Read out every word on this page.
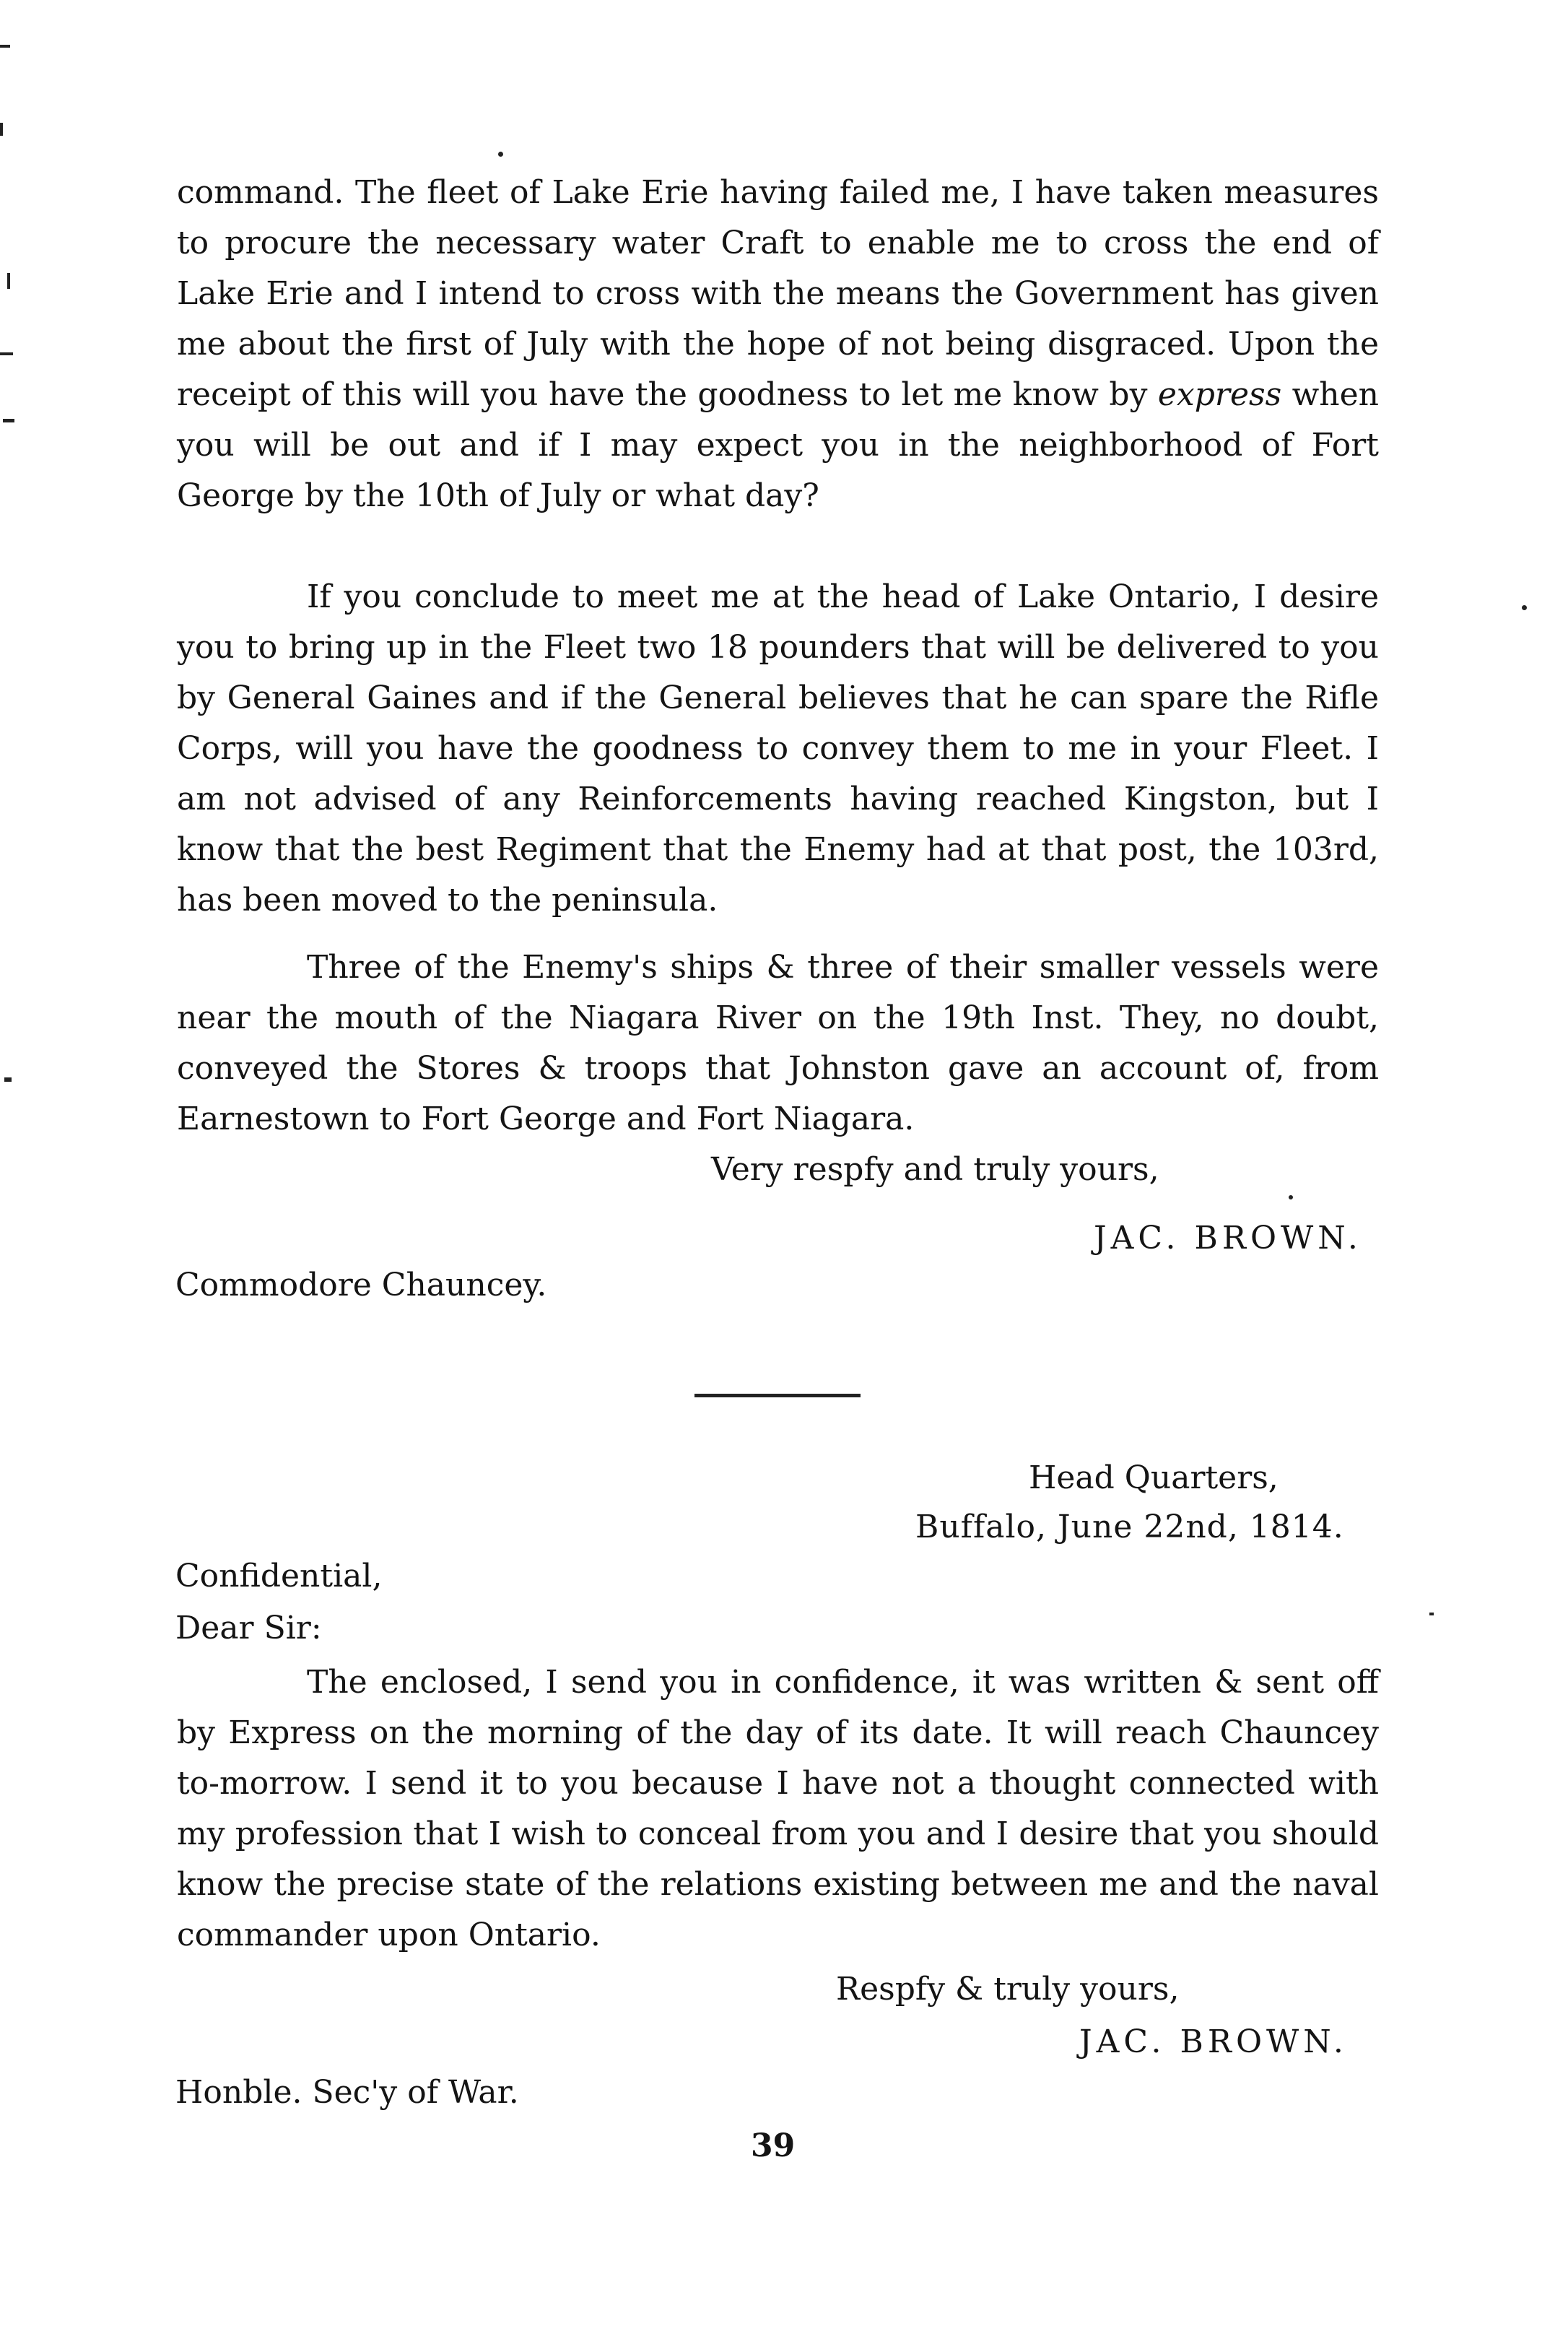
command. The fleet of Lake Erie having failed me, I have taken measures to procure the necessary water Craft to enable me to cross the end of Lake Erie and I intend to cross with the means the Government has given me about the first of July with the hope of not being disgraced. Upon the receipt of this will you have the goodness to let me know by express when you will be out and if I may expect you in the neighborhood of Fort George by the 10th of July or what day?
If you conclude to meet me at the head of Lake Ontario, I desire you to bring up in the Fleet two 18 pounders that will be delivered to you by General Gaines and if the General believes that he can spare the Rifle Corps, will you have the goodness to convey them to me in your Fleet. I am not advised of any Reinforcements having reached Kingston, but I know that the best Regiment that the Enemy had at that post, the 103rd, has been moved to the peninsula.
Three of the Enemy's ships & three of their smaller vessels were near the mouth of the Niagara River on the 19th Inst. They, no doubt, conveyed the Stores & troops that Johnston gave an account of, from Earnestown to Fort George and Fort Niagara.
Very respfy and truly yours,
JAC. BROWN.
Commodore Chauncey.
Head Quarters,
Buffalo, June 22nd, 1814.
Confidential,
Dear Sir:
The enclosed, I send you in confidence, it was written & sent off by Express on the morning of the day of its date. It will reach Chauncey to-morrow. I send it to you because I have not a thought connected with my profession that I wish to conceal from you and I desire that you should know the precise state of the relations existing between me and the naval commander upon Ontario.
Respfy & truly yours,
JAC. BROWN.
Honble. Sec'y of War.
39
